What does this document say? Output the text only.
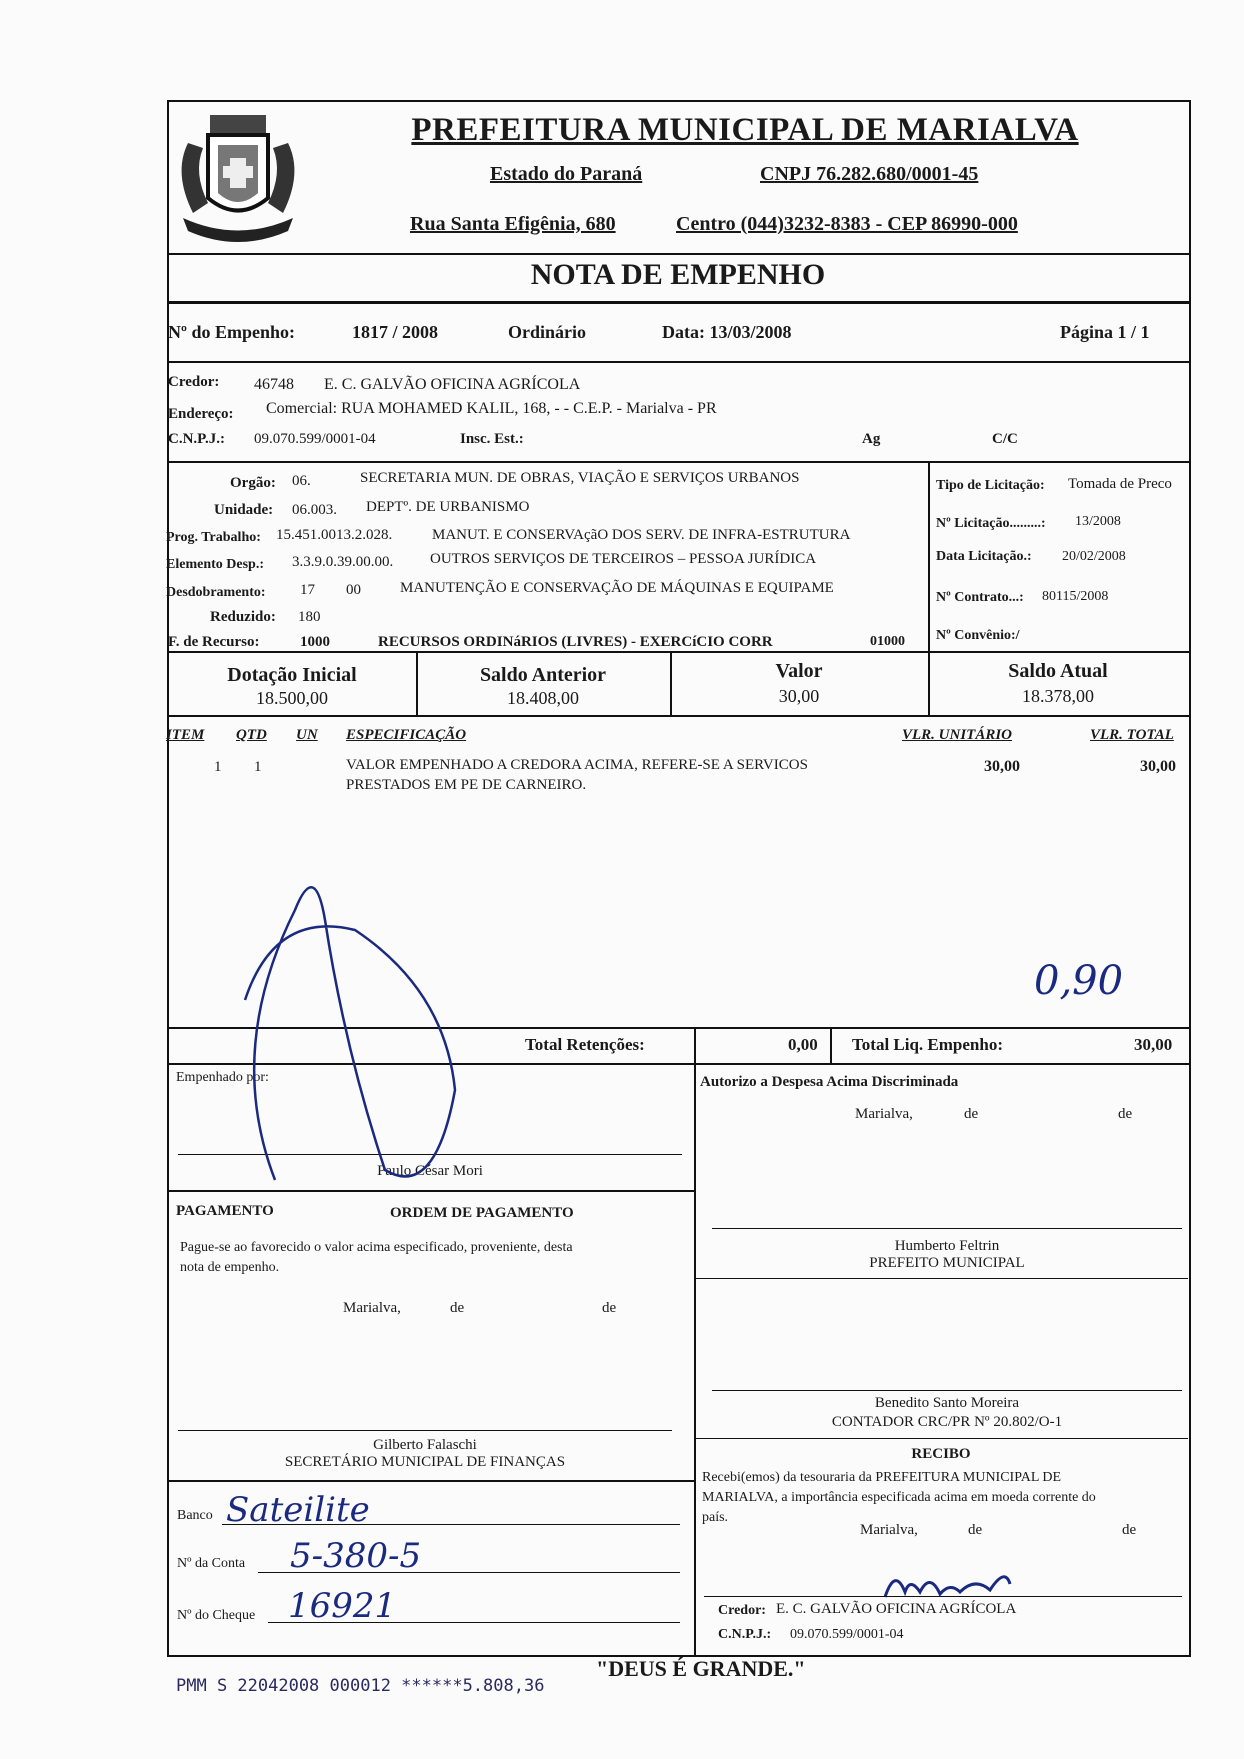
PREFEITURA MUNICIPAL DE MARIALVA
Estado do Paraná	CNPJ 76.282.680/0001-45
Rua Santa Efigênia, 680	Centro (044)3232-8383 - CEP 86990-000
NOTA DE EMPENHO
Nº do Empenho:	1817 / 2008	Ordinário	Data: 13/03/2008	Página 1 / 1
Credor: 46748 E. C. GALVÃO OFICINA AGRÍCOLA
Endereço: Comercial: RUA MOHAMED KALIL, 168, - - C.E.P. - Marialva - PR
C.N.P.J.: 09.070.599/0001-04	Insc. Est.:	Ag	C/C
Orgão: 06.	SECRETARIA MUN. DE OBRAS, VIAÇÃO E SERVIÇOS URBANOS
Unidade: 06.003. DEPTº. DE URBANISMO
Prog. Trabalho: 15.451.0013.2.028.	MANUT. E CONSERVAçãO DOS SERV. DE INFRA-ESTRUTURA
Elemento Desp.: 3.3.9.0.39.00.00. OUTROS SERVIÇOS DE TERCEIROS – PESSOA JURÍDICA
Desdobramento: 17 00	MANUTENÇÃO E CONSERVAÇÃO DE MÁQUINAS E EQUIPAME
Reduzido: 180
F. de Recurso:	1000	RECURSOS ORDINáRIOS (LIVRES) - EXERCíCIO CORR	01000
Tipo de Licitação: Tomada de Preco
Nº Licitação.........: 13/2008
Data Licitação.: 20/02/2008
Nº Contrato...: 80115/2008
Nº Convênio:/
Dotação Inicial
18.500,00
Saldo Anterior
18.408,00
Valor
30,00
Saldo Atual
18.378,00
ITEM QTD UN ESPECIFICAÇÃO	VLR. UNITÁRIO	VLR. TOTAL
1 1	VALOR EMPENHADO A CREDORA ACIMA, REFERE-SE A SERVICOS
PRESTADOS EM PE DE CARNEIRO.
30,00	30,00
0,90
Total Retenções:	0,00 Total Liq. Empenho:	30,00
Empenhado por:
Paulo César Mori
Autorizo a Despesa Acima Discriminada
Marialva,	de	de
Humberto Feltrin
PREFEITO MUNICIPAL
PAGAMENTO	ORDEM DE PAGAMENTO
Pague-se ao favorecido o valor acima especificado, proveniente, desta
nota de empenho.
Marialva,	de	de
Gilberto Falaschi
SECRETÁRIO MUNICIPAL DE FINANÇAS
Benedito Santo Moreira
CONTADOR CRC/PR Nº 20.802/O-1
Banco Sateilite
Nº da Conta 5-380-5
Nº do Cheque 16921
RECIBO
Recebi(emos) da tesouraria da PREFEITURA MUNICIPAL DE
MARIALVA, a importância especificada acima em moeda corrente do
país.
Marialva,	de	de
Credor: E. C. GALVÃO OFICINA AGRÍCOLA
C.N.P.J.: 09.070.599/0001-04
"DEUS É GRANDE."
PMM S 22042008 000012 ******5.808,36
